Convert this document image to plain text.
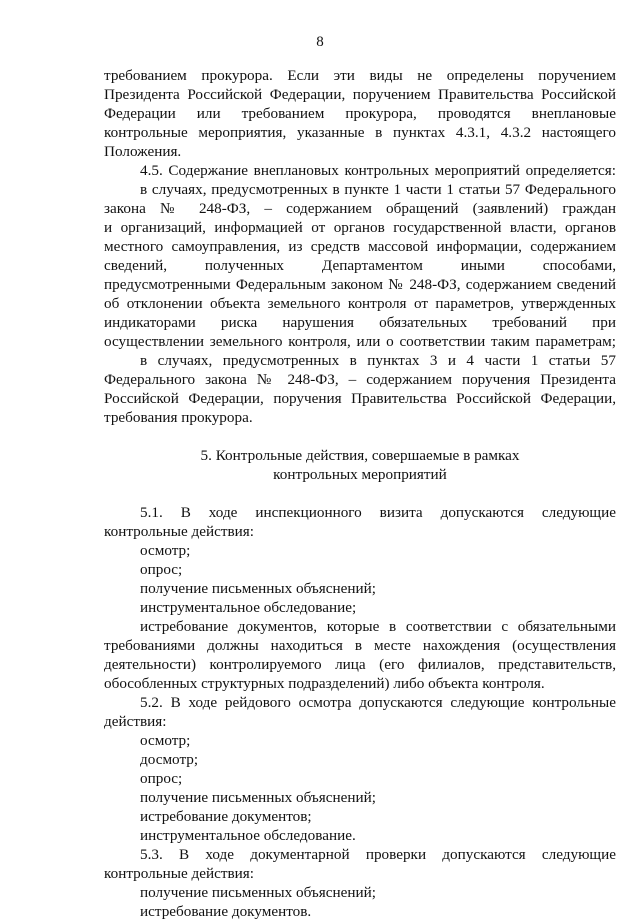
8
требованием прокурора. Если эти виды не определены поручением
Президента Российской Федерации, поручением Правительства Российской
Федерации или требованием прокурора, проводятся внеплановые
контрольные мероприятия, указанные в пунктах 4.3.1, 4.3.2 настоящего
Положения.
4.5. Содержание внеплановых контрольных мероприятий определяется:
в случаях, предусмотренных в пункте 1 части 1 статьи 57 Федерального
закона № 248-ФЗ, – содержанием обращений (заявлений) граждан
и организаций, информацией от органов государственной власти, органов
местного самоуправления, из средств массовой информации, содержанием
сведений, полученных Департаментом иными способами,
предусмотренными Федеральным законом № 248-ФЗ, содержанием сведений
об отклонении объекта земельного контроля от параметров, утвержденных
индикаторами риска нарушения обязательных требований при
осуществлении земельного контроля, или о соответствии таким параметрам;
в случаях, предусмотренных в пунктах 3 и 4 части 1 статьи 57
Федерального закона № 248-ФЗ, – содержанием поручения Президента
Российской Федерации, поручения Правительства Российской Федерации,
требования прокурора.
5. Контрольные действия, совершаемые в рамках
контрольных мероприятий
5.1. В ходе инспекционного визита допускаются следующие
контрольные действия:
осмотр;
опрос;
получение письменных объяснений;
инструментальное обследование;
истребование документов, которые в соответствии с обязательными
требованиями должны находиться в месте нахождения (осуществления
деятельности) контролируемого лица (его филиалов, представительств,
обособленных структурных подразделений) либо объекта контроля.
5.2. В ходе рейдового осмотра допускаются следующие контрольные
действия:
осмотр;
досмотр;
опрос;
получение письменных объяснений;
истребование документов;
инструментальное обследование.
5.3. В ходе документарной проверки допускаются следующие
контрольные действия:
получение письменных объяснений;
истребование документов.
